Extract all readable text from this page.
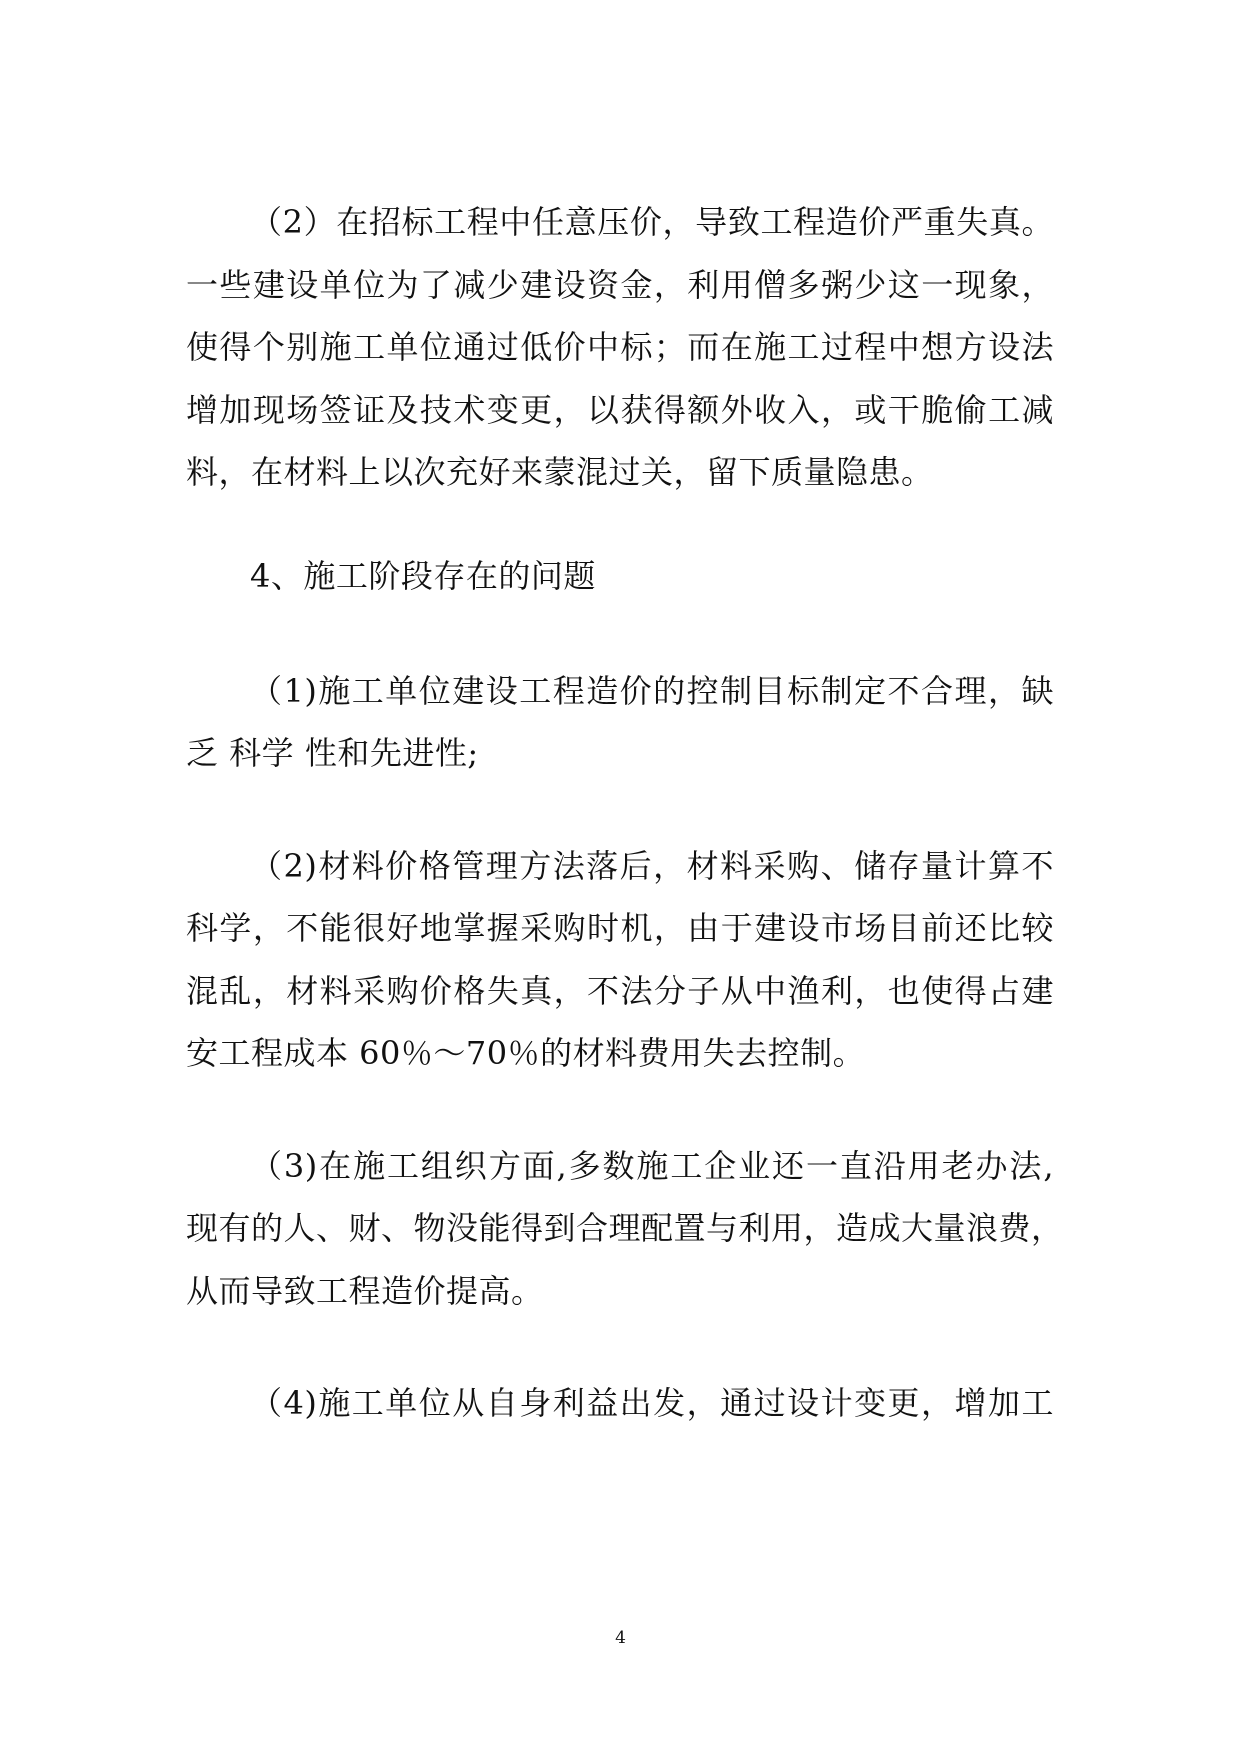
（2）在招标工程中任意压价，导致工程造价严重失真。
一些建设单位为了减少建设资金，利用僧多粥少这一现象，
使得个别施工单位通过低价中标；而在施工过程中想方设法
增加现场签证及技术变更，以获得额外收入，或干脆偷工减
料，在材料上以次充好来蒙混过关，留下质量隐患。
4、施工阶段存在的问题
（1)施工单位建设工程造价的控制目标制定不合理，缺
乏 科学 性和先进性;
（2)材料价格管理方法落后，材料采购、储存量计算不
科学，不能很好地掌握采购时机，由于建设市场目前还比较
混乱，材料采购价格失真，不法分子从中渔利，也使得占建
安工程成本 60％～70％的材料费用失去控制。
（3)在施工组织方面,多数施工企业还一直沿用老办法,
现有的人、财、物没能得到合理配置与利用，造成大量浪费，
从而导致工程造价提高。
（4)施工单位从自身利益出发，通过设计变更，增加工
4
